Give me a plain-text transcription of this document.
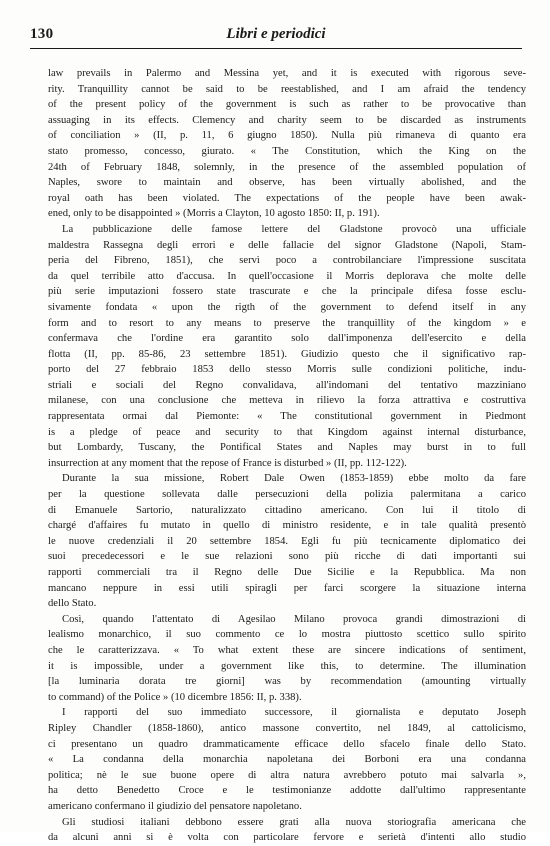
130	Libri e periodici
law prevails in Palermo and Messina yet, and it is executed with rigorous seve-
rity. Tranquillity cannot be said to be reestablished, and I am afraid the tendency
of the present policy of the government is such as rather to be provocative than
assuaging in its effects. Clemency and charity seem to be discarded as instruments
of conciliation » (II, p. 11, 6 giugno 1850). Nulla più rimaneva di quanto era
stato promesso, concesso, giurato. « The Constitution, which the King on the
24th of February 1848, solemnly, in the presence of the assembled population of
Naples, swore to maintain and observe, has been virtually abolished, and the
royal oath has been violated. The expectations of the people have been awak-
ened, only to be disappointed » (Morris a Clayton, 10 agosto 1850: II, p. 191).
La pubblicazione delle famose lettere del Gladstone provocò una ufficiale
maldestra Rassegna degli errori e delle fallacie del signor Gladstone (Napoli, Stam-
peria del Fibreno, 1851), che servì poco a controbilanciare l'impressione suscitata
da quel terribile atto d'accusa. In quell'occasione il Morris deplorava che molte delle
più serie imputazioni fossero state trascurate e che la principale difesa fosse esclu-
sivamente fondata « upon the rigth of the government to defend itself in any
form and to resort to any means to preserve the tranquillity of the kingdom » e
confermava che l'ordine era garantito solo dall'imponenza dell'esercito e della
flotta (II, pp. 85-86, 23 settembre 1851). Giudizio questo che il significativo rap-
porto del 27 febbraio 1853 dello stesso Morris sulle condizioni politiche, indu-
striali e sociali del Regno convalidava, all'indomani del tentativo mazziniano
milanese, con una conclusione che metteva in rilievo la forza attrattiva e costruttiva
rappresentata ormai dal Piemonte: « The constitutional government in Piedmont
is a pledge of peace and security to that Kingdom against internal disturbance,
but Lombardy, Tuscany, the Pontifical States and Naples may burst in to full
insurrection at any moment that the repose of France is disturbed » (II, pp. 112-122).
Durante la sua missione, Robert Dale Owen (1853-1859) ebbe molto da fare
per la questione sollevata dalle persecuzioni della polizia palermitana a carico
di Emanuele Sartorio, naturalizzato cittadino americano. Con lui il titolo di
chargé d'affaires fu mutato in quello di ministro residente, e in tale qualità presentò
le nuove credenziali il 20 settembre 1854. Egli fu più tecnicamente diplomatico dei
suoi precedecessori e le sue relazioni sono più ricche di dati importanti sui
rapporti commerciali tra il Regno delle Due Sicilie e la Repubblica. Ma non
mancano neppure in essi utili spiragli per farci scorgere la situazione interna
dello Stato.
Così, quando l'attentato di Agesilao Milano provoca grandi dimostrazioni di
lealismo monarchico, il suo commento ce lo mostra piuttosto scettico sullo spirito
che le caratterizzava. « To what extent these are sincere indications of sentiment,
it is impossible, under a government like this, to determine. The illumination
[la luminaria dorata tre giorni] was by recommendation (amounting virtually
to command) of the Police » (10 dicembre 1856: II, p. 338).
I rapporti del suo immediato successore, il giornalista e deputato Joseph
Ripley Chandler (1858-1860), antico massone convertito, nel 1849, al cattolicismo,
ci presentano un quadro drammaticamente efficace dello sfacelo finale dello Stato.
« La condanna della monarchia napoletana dei Borboni era una condanna
politica; nè le sue buone opere di altra natura avrebbero potuto mai salvarla »,
ha detto Benedetto Croce e le testimonianze addotte dall'ultimo rappresentante
americano confermano il giudizio del pensatore napoletano.
Gli studiosi italiani debbono essere grati alla nuova storiografia americana che
da alcuni anni si è volta con particolare fervore e serietà d'intenti allo studio
